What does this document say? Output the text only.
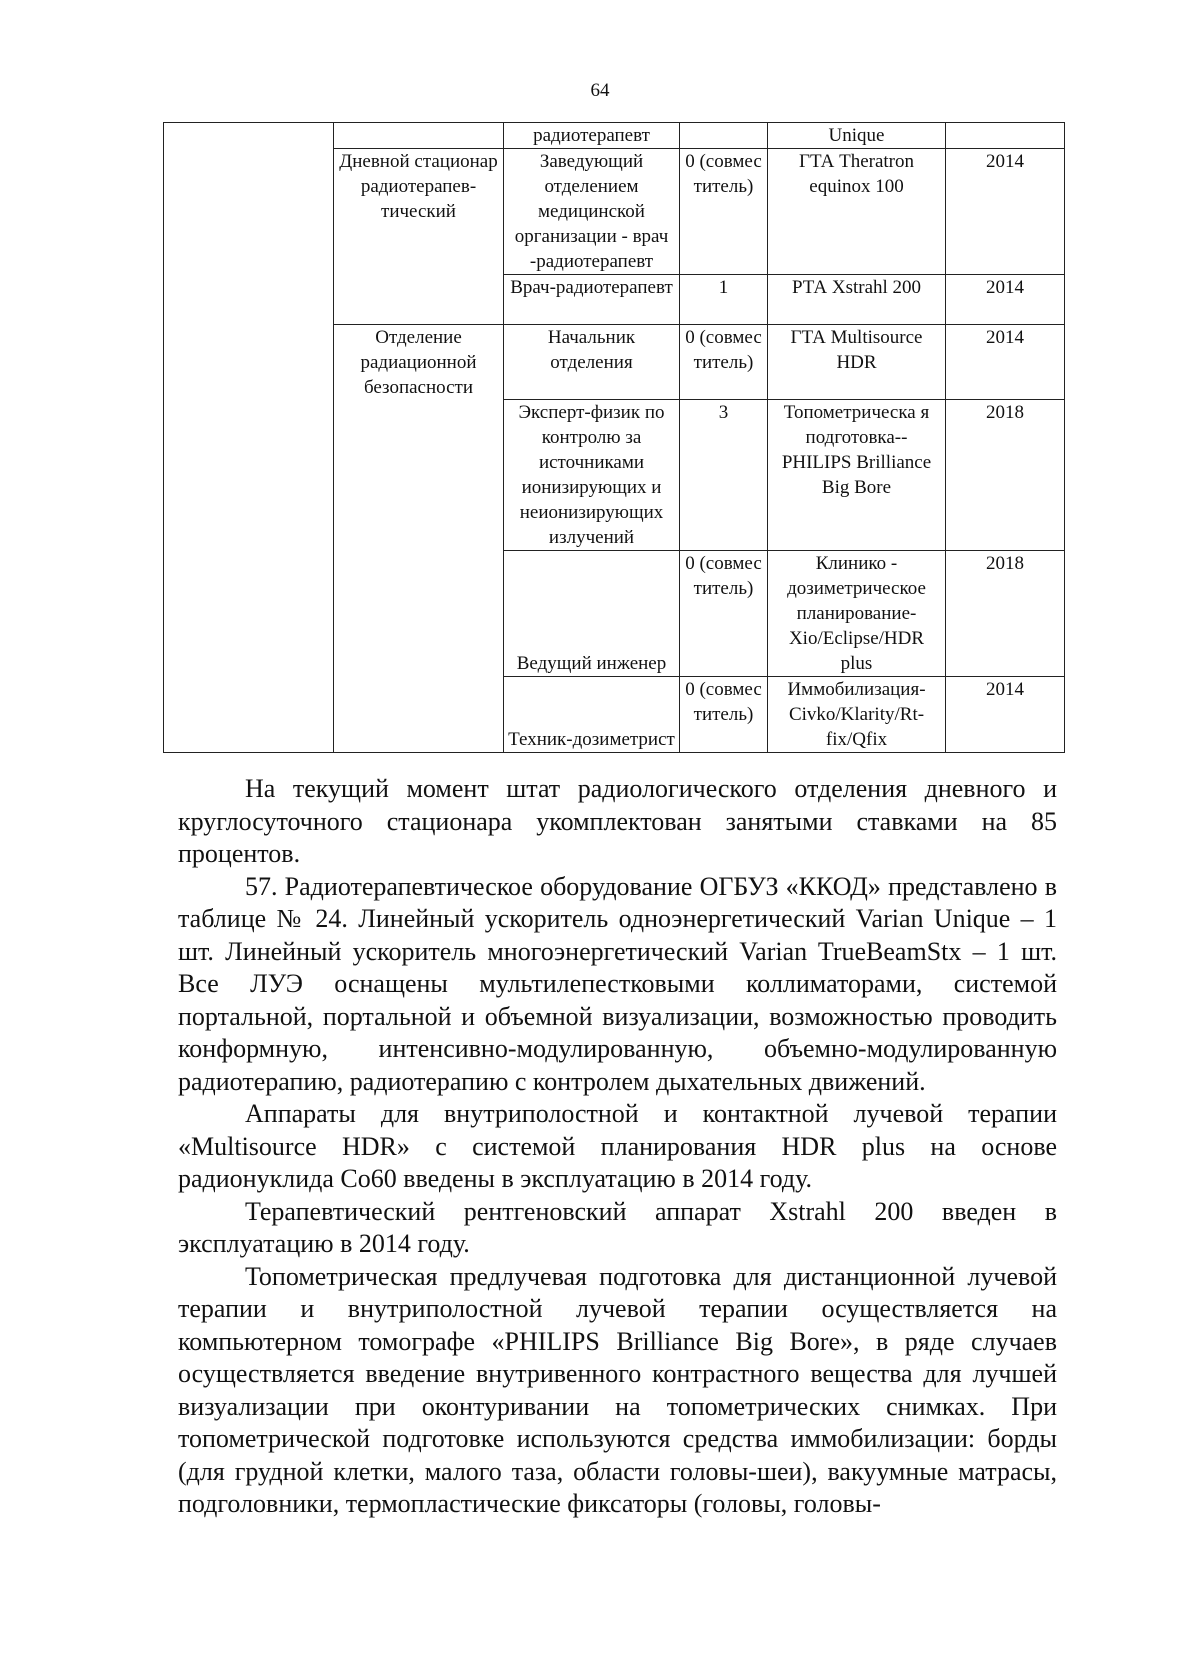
64
		радиотерапевт		Unique	
	Дневной стационар радиотерапев-тический	Заведующий отделением медицинской организации - врач -радиотерапевт	0 (совмес титель)	ГТА Theratron equinox 100	2014
		Врач-радиотерапевт	1	РТА Xstrahl 200	2014
	Отделение радиационной безопасности	Начальник отделения	0 (совмес титель)	ГТА Multisource HDR	2014
		Эксперт-физик по контролю за источниками ионизирующих и неионизирующих излучений	3	Топометрическа я подготовка--PHILIPS Brilliance Big Bore	2018
		Ведущий инженер	0 (совмес титель)	Клинико - дозиметрическое планирование-Xio/Eclipse/HDR plus	2018
		Техник-дозиметрист	0 (совмес титель)	Иммобилизация-Civko/Klarity/Rt-fix/Qfix	2014

На текущий момент штат радиологического отделения дневного и круглосуточного стационара укомплектован занятыми ставками на 85 процентов.

57. Радиотерапевтическое оборудование ОГБУЗ «ККОД» представлено в таблице № 24. Линейный ускоритель одноэнергетический Varian Unique – 1 шт. Линейный ускоритель многоэнергетический Varian TrueBeamStx – 1 шт. Все ЛУЭ оснащены мультилепестковыми коллиматорами, системой портальной, портальной и объемной визуализации, возможностью проводить конформную, интенсивно-модулированную, объемно-модулированную радиотерапию, радиотерапию с контролем дыхательных движений.

Аппараты для внутриполостной и контактной лучевой терапии «Multisource HDR» с системой планирования HDR plus на основе радионуклида Co60 введены в эксплуатацию в 2014 году.

Терапевтический рентгеновский аппарат Xstrahl 200 введен в эксплуатацию в 2014 году.

Топометрическая предлучевая подготовка для дистанционной лучевой терапии и внутриполостной лучевой терапии осуществляется на компьютерном томографе «PHILIPS Brilliance Big Bore», в ряде случаев осуществляется введение внутривенного контрастного вещества для лучшей визуализации при оконтуривании на топометрических снимках. При топометрической подготовке используются средства иммобилизации: борды (для грудной клетки, малого таза, области головы-шеи), вакуумные матрасы, подголовники, термопластические фиксаторы (головы, головы-
